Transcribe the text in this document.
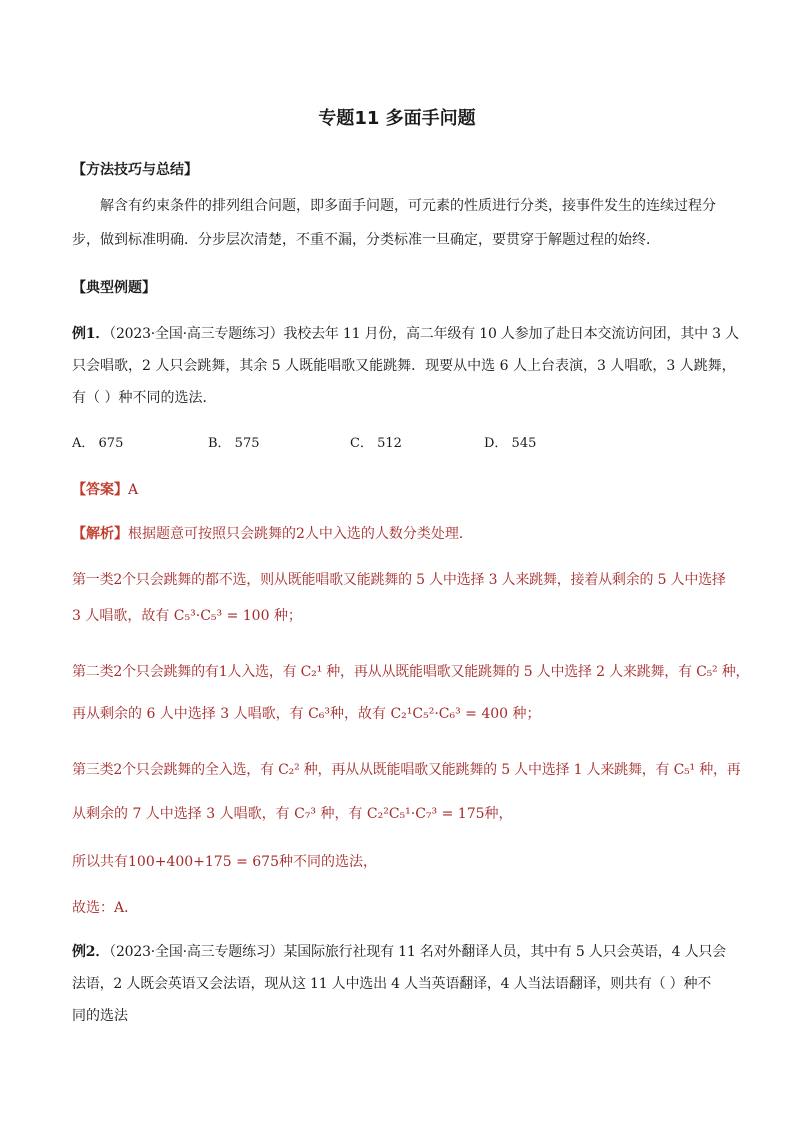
专题11 多面手问题
【方法技巧与总结】
解含有约束条件的排列组合问题，即多面手问题，可元素的性质进行分类，接事件发生的连续过程分
步，做到标准明确．分步层次清楚，不重不漏，分类标准一旦确定，要贯穿于解题过程的始终．
【典型例题】
例1．（2023·全国·高三专题练习）我校去年 11 月份，高二年级有 10 人参加了赴日本交流访问团，其中 3 人
只会唱歌，2 人只会跳舞，其余 5 人既能唱歌又能跳舞．现要从中选 6 人上台表演，3 人唱歌，3 人跳舞，
有（ ）种不同的选法．
A． 675	B． 575	C． 512	D． 545
【答案】A
【解析】根据题意可按照只会跳舞的2人中入选的人数分类处理．
第一类2个只会跳舞的都不选，则从既能唱歌又能跳舞的 5 人中选择 3 人来跳舞，接着从剩余的 5 人中选择
3 人唱歌，故有 C₅³·C₅³ = 100 种；
第二类2个只会跳舞的有1人入选，有 C₂¹ 种，再从从既能唱歌又能跳舞的 5 人中选择 2 人来跳舞，有 C₅² 种，
再从剩余的 6 人中选择 3 人唱歌，有 C₆³种，故有 C₂¹C₅²·C₆³ = 400 种；
第三类2个只会跳舞的全入选，有 C₂² 种，再从从既能唱歌又能跳舞的 5 人中选择 1 人来跳舞，有 C₅¹ 种，再
从剩余的 7 人中选择 3 人唱歌，有 C₇³ 种，有 C₂²C₅¹·C₇³ = 175种，
所以共有100+400+175 = 675种不同的选法，
故选：A．
例2．（2023·全国·高三专题练习）某国际旅行社现有 11 名对外翻译人员，其中有 5 人只会英语，4 人只会
法语，2 人既会英语又会法语，现从这 11 人中选出 4 人当英语翻译，4 人当法语翻译，则共有（ ）种不
同的选法
